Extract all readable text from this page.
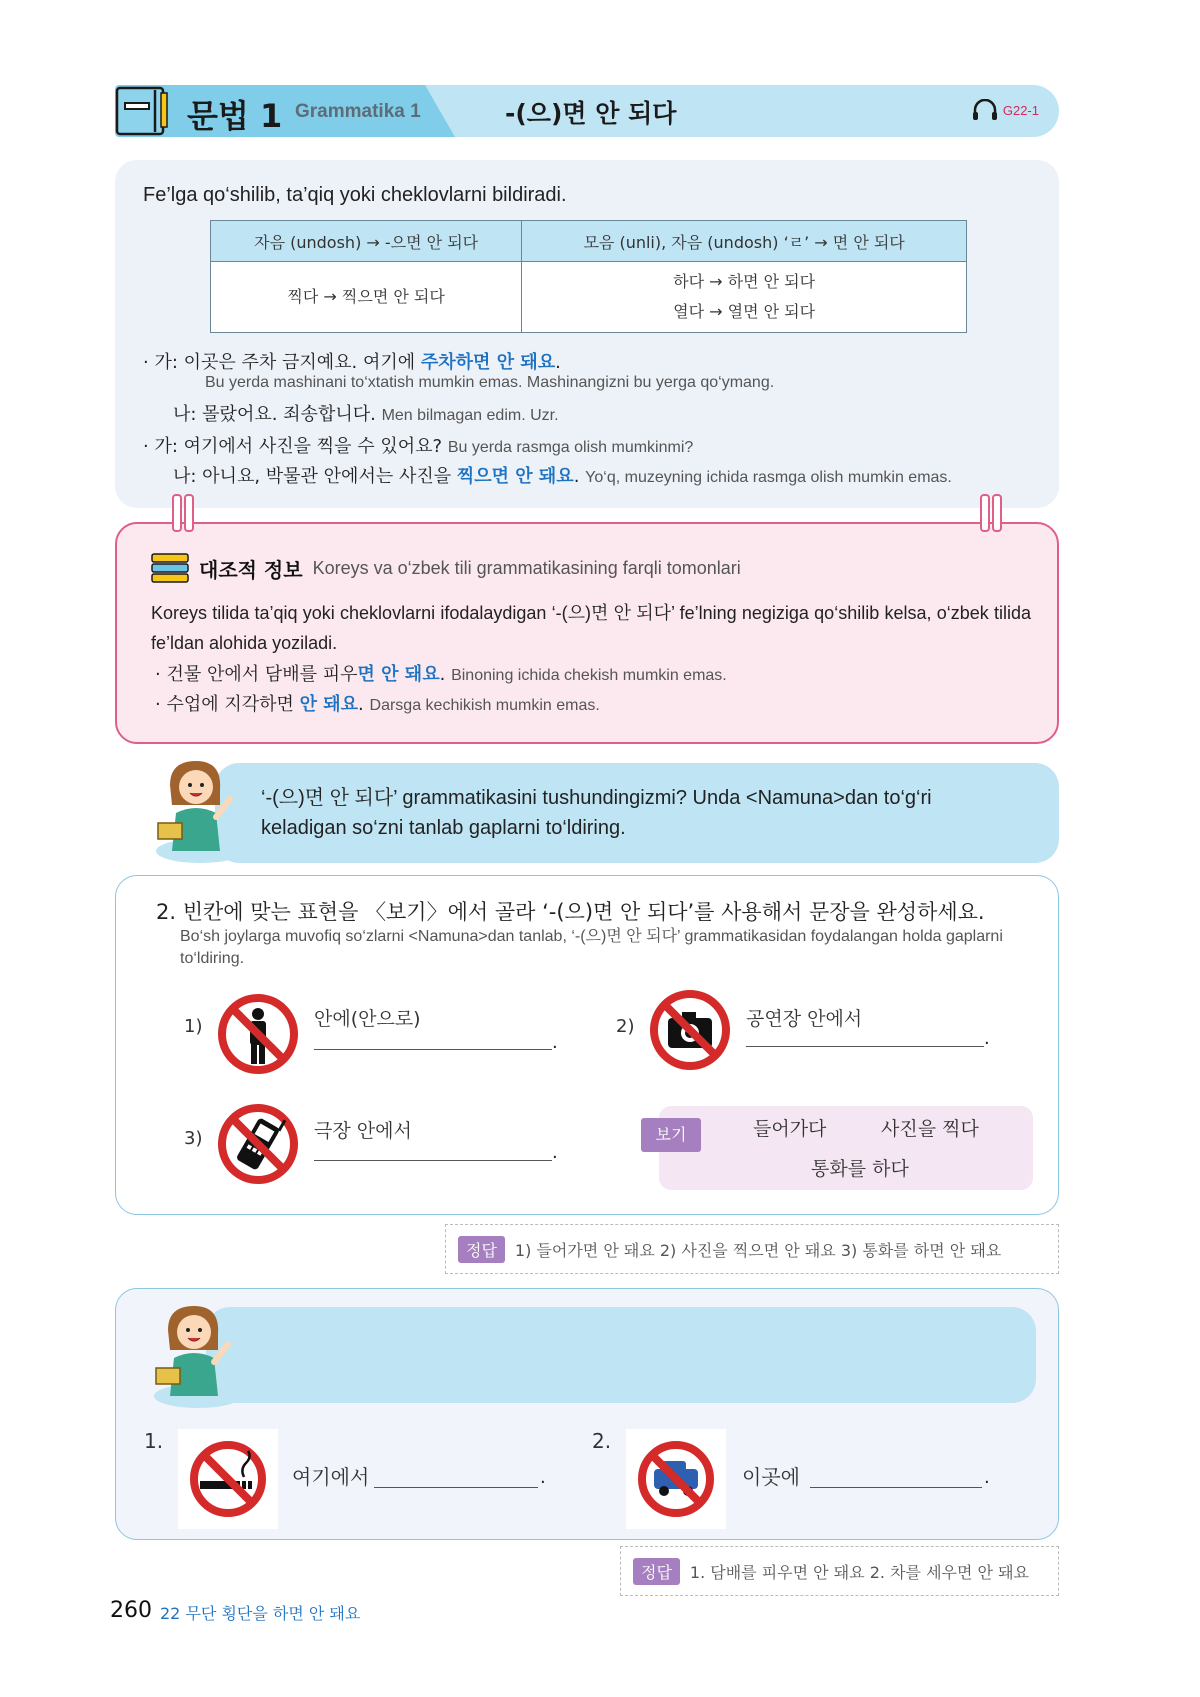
문법 1 Grammatika 1	-(으)면 안 되다	G22-1
Fe’lga qo‘shilib, ta’qiq yoki cheklovlarni bildiradi.
자음 (undosh) → -으면 안 되다	모음 (unli), 자음 (undosh) ‘ㄹ’ → 면 안 되다
찍다 → 찍으면 안 되다	하다 → 하면 안 되다
열다 → 열면 안 되다
· 가: 이곳은 주차 금지예요. 여기에 주차하면 안 돼요.
Bu yerda mashinani to‘xtatish mumkin emas. Mashinangizni bu yerga qo‘ymang.
나: 몰랐어요. 죄송합니다. Men bilmagan edim. Uzr.
· 가: 여기에서 사진을 찍을 수 있어요? Bu yerda rasmga olish mumkinmi?
나: 아니요, 박물관 안에서는 사진을 찍으면 안 돼요. Yo‘q, muzeyning ichida rasmga olish mumkin emas.
대조적 정보 Koreys va o‘zbek tili grammatikasining farqli tomonlari
Koreys tilida ta’qiq yoki cheklovlarni ifodalaydigan ‘-(으)면 안 되다’ fe’lning negiziga qo‘shilib kelsa, o‘zbek tilida fe’ldan alohida yoziladi.
· 건물 안에서 담배를 피우면 안 돼요. Binoning ichida chekish mumkin emas.
· 수업에 지각하면 안 돼요. Darsga kechikish mumkin emas.
‘-(으)면 안 되다’ grammatikasini tushundingizmi? Unda <Namuna>dan to‘g‘ri
keladigan so‘zni tanlab gaplarni to‘ldiring.
2. 빈칸에 맞는 표현을 〈보기〉에서 골라 ‘-(으)면 안 되다’를 사용해서 문장을 완성하세요.
Bo‘sh joylarga muvofiq so‘zlarni <Namuna>dan tanlab, ‘-(으)면 안 되다’ grammatikasidan foydalangan holda gaplarni to‘ldiring.
1)	안에(안으로)
.
2)	공연장 안에서
.
3)	극장 안에서
.
보기	들어가다	사진을 찍다
통화를 하다
정답	1) 들어가면 안 돼요 2) 사진을 찍으면 안 돼요 3) 통화를 하면 안 돼요
1.
여기에서	.
2.
이곳에	.
정답	1. 담배를 피우면 안 돼요 2. 차를 세우면 안 돼요
260 22 무단 횡단을 하면 안 돼요
